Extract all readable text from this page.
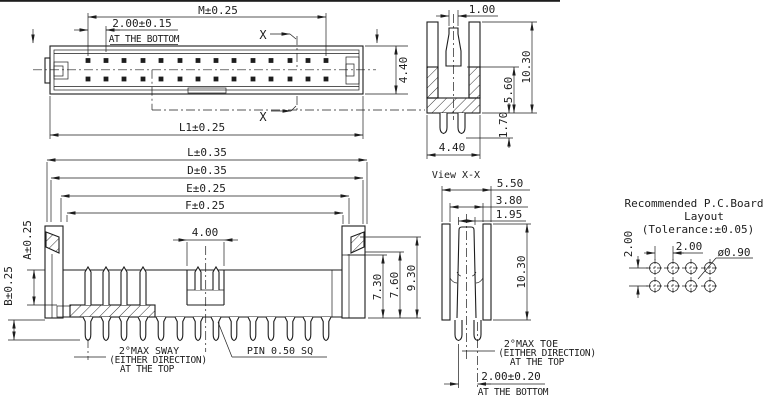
X
X
M±0.25
2.00±0.15
AT THE BOTTOM
L1±0.25
4.40
1.00
10.30
5.60
1.70
4.40
View X-X
L±0.35
D±0.35
E±0.25
F±0.25
4.00
A±0.25
B±0.25	7.30 7.60 9.30
2°MAX SWAY
(EITHER DIRECTION)
AT THE TOP
PIN 0.50 SQ
5.50
3.80
1.95
10.30
2°MAX TOE
(EITHER DIRECTION)
AT THE TOP
2.00±0.20
AT THE BOTTOM
Recommended P.C.Board
Layout
(Tolerance:±0.05)
2.00	2.00 ø0.90
